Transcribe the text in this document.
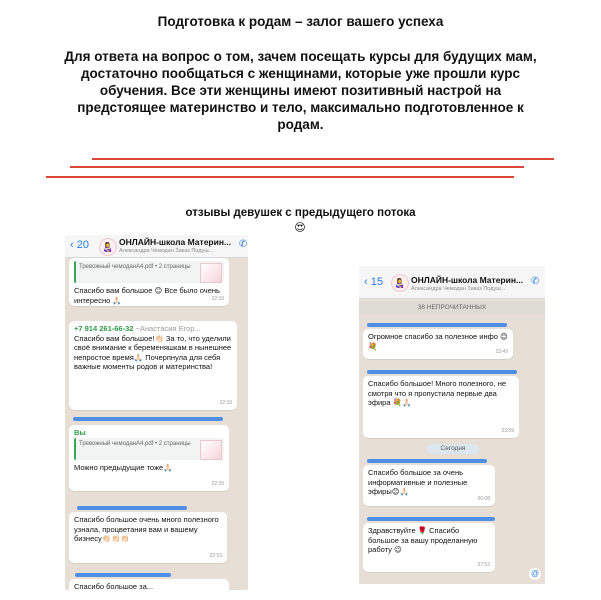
Подготовка к родам – залог вашего успеха
Для ответа на вопрос о том, зачем посещать курсы для будущих мам, достаточно пообщаться с женщинами, которые уже прошли курс обучения. Все эти женщины имеют позитивный настрой на предстоящее материнство и тело, максимально подготовленное к родам.
отзывы девушек с предыдущего потока
😍
‹ 20	👩‍🍼 ОНЛАЙН-школа Материн...
Александра Чемодан Заказ Подуш...
✆
Тревожный чемоданА4.pdf • 2 страницы
Спасибо вам большое 😊 Все было очень интересно 🙏🏻	22:39
+7 914 261-66-32 ~Анастасия Егор...
Спасибо вам большое!👏🏻 За то, что уделили своё внимание к беременяшкам в нынешнее непростое время🙏🏻 Почерпнула для себя важные моменты родов и материнства!
22:39
Вы

Тревожный чемоданА4.pdf • 2 страницы
Можно предыдущие тоже🙏🏻
22:39
Спасибо большое очень много полезного узнала, процветания вам и вашему бизнесу👏🏻👏🏻👏🏻
22:53
Спасибо большое за...
‹ 15	👩‍🍼 ОНЛАЙН-школа Материн...
Александра Чемодан Заказ Подуш...
✆
36 НЕПРОЧИТАННЫХ
Огромное спасибо за полезное инфо 😊💐
23:49
Спасибо большое! Много полезного, не смотря что я пропустила первые два эфира 💐🙏🏻
23:59
Сегодня
Спасибо большое за очень информативные и полезные эфиры😊🙏🏻
00:08
Здравствуйте 🌹 Спасибо большое за вашу проделанную работу 😉
07:52
@
